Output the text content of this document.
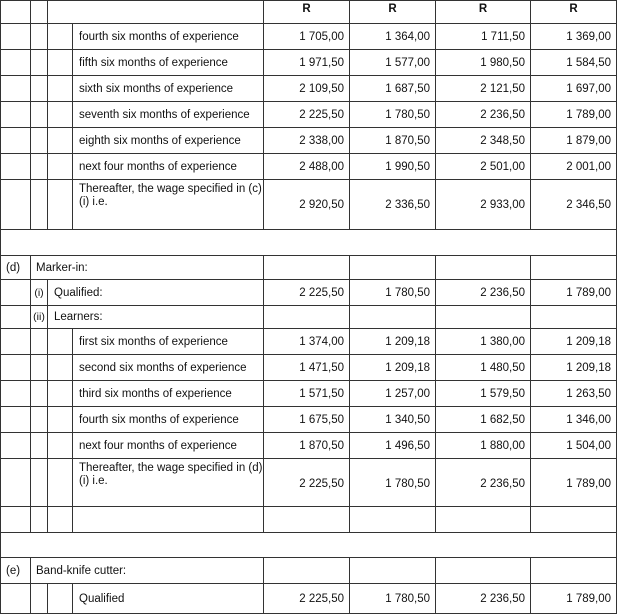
				R	R	R	R
			fourth six months of experience	1 705,00	1 364,00	1 711,50	1 369,00
			fifth six months of experience	1 971,50	1 577,00	1 980,50	1 584,50
			sixth six months of experience	2 109,50	1 687,50	2 121,50	1 697,00
			seventh six months of experience	2 225,50	1 780,50	2 236,50	1 789,00
			eighth six months of experience	2 338,00	1 870,50	2 348,50	1 879,00
			next four months of experience	2 488,00	1 990,50	2 501,00	2 001,00
			Thereafter, the wage specified in (c)(i) i.e.	2 920,50	2 336,50	2 933,00	2 346,50

(d)	Marker-in:						
	(i)	Qualified:		2 225,50	1 780,50	2 236,50	1 789,00
	(ii)	Learners:					
			first six months of experience	1 374,00	1 209,18	1 380,00	1 209,18
			second six months of experience	1 471,50	1 209,18	1 480,50	1 209,18
			third six months of experience	1 571,50	1 257,00	1 579,50	1 263,50
			fourth six months of experience	1 675,50	1 340,50	1 682,50	1 346,00
			next four months of experience	1 870,50	1 496,50	1 880,00	1 504,00
			Thereafter, the wage specified in (d)(i) i.e.	2 225,50	1 780,50	2 236,50	1 789,00

(e)	Band-knife cutter:						
			Qualified	2 225,50	1 780,50	2 236,50	1 789,00
